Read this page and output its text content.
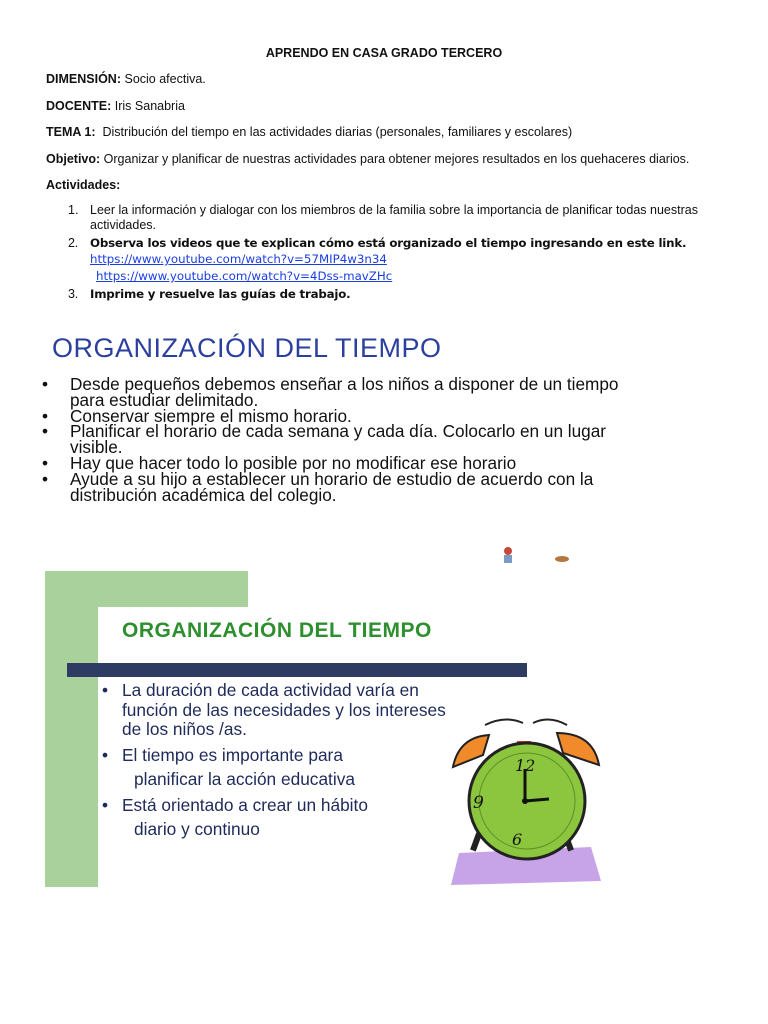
APRENDO EN CASA GRADO TERCERO
DIMENSIÓN: Socio afectiva.
DOCENTE: Iris Sanabria
TEMA 1: Distribución del tiempo en las actividades diarias (personales, familiares y escolares)
Objetivo: Organizar y planificar de nuestras actividades para obtener mejores resultados en los quehaceres diarios.
Actividades:
1. Leer la información y dialogar con los miembros de la familia sobre la importancia de planificar todas nuestras actividades.
2. Observa los videos que te explican cómo está organizado el tiempo ingresando en este link.
https://www.youtube.com/watch?v=57MIP4w3n34
https://www.youtube.com/watch?v=4Dss-mavZHc
3. Imprime y resuelve las guías de trabajo.
ORGANIZACIÓN DEL TIEMPO
• Desde pequeños debemos enseñar a los niños a disponer de un tiempo para estudiar delimitado.
• Conservar siempre el mismo horario.
• Planificar el horario de cada semana y cada día. Colocarlo en un lugar visible.
• Hay que hacer todo lo posible por no modificar ese horario
• Ayude a su hijo a establecer un horario de estudio de acuerdo con la distribución académica del colegio.
ORGANIZACIÓN DEL TIEMPO
• La duración de cada actividad varía en
función de las necesidades y los intereses
de los niños /as.
• El tiempo es importante para
planificar la acción educativa
• Está orientado a crear un hábito
diario y continuo
12
9
6
